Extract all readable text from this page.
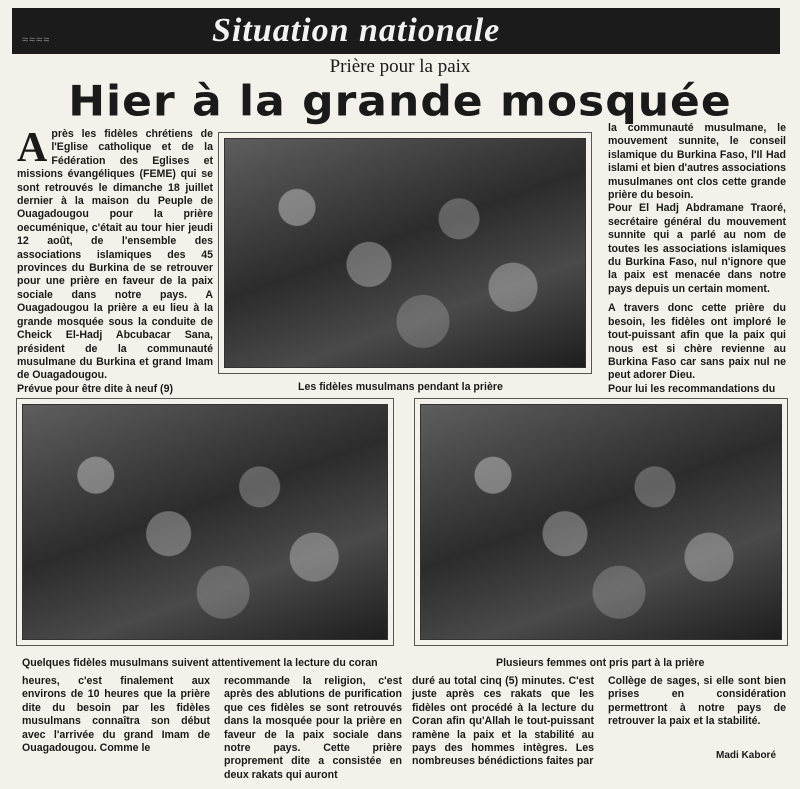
≈≈≈≈	Situation nationale
Prière pour la paix
Hier à la grande mosquée
A près les fidèles chrétiens de l'Eglise catholique et de la Fédération des Eglises et missions évangéliques (FEME) qui se sont retrouvés le dimanche 18 juillet dernier à la maison du Peuple de Ouagadougou pour la prière oecuménique, c'était au tour hier jeudi 12 août, de l'ensemble des associations islamiques des 45 provinces du Burkina de se retrouver pour une prière en faveur de la paix sociale dans notre pays. A Ouagadougou la prière a eu lieu à la grande mosquée sous la conduite de Cheick El-Hadj Abcubacar Sana, président de la communauté musulmane du Burkina et grand Imam de Ouagadougou.

Prévue pour être dite à neuf (9)	Les fidèles musulmans pendant la prière

la communauté musulmane, le mouvement sunnite, le conseil islamique du Burkina Faso, l'Il Had islami et bien d'autres associations musulmanes ont clos cette grande prière du besoin.

Pour El Hadj Abdramane Traoré, secrétaire général du mouvement sunnite qui a parlé au nom de toutes les associations islamiques du Burkina Faso, nul n'ignore que la paix est menacée dans notre pays depuis un certain moment.

A travers donc cette prière du besoin, les fidèles ont imploré le tout-puissant afin que la paix qui nous est si chère revienne au Burkina Faso car sans paix nul ne peut adorer Dieu.

Pour lui les recommandations du

Quelques fidèles musulmans suivent attentivement la lecture du coran	Plusieurs femmes ont pris part à la prière

heures, c'est finalement aux environs de 10 heures que la prière dite du besoin par les fidèles musulmans connaîtra son début avec l'arrivée du grand Imam de Ouagadougou. Comme le

recommande la religion, c'est après des ablutions de purification que ces fidèles se sont retrouvés dans la mosquée pour la prière en faveur de la paix sociale dans notre pays. Cette prière proprement dite a consistée en deux rakats qui auront

duré au total cinq (5) minutes. C'est juste après ces rakats que les fidèles ont procédé à la lecture du Coran afin qu'Allah le tout-puissant ramène la paix et la stabilité au pays des hommes intègres. Les nombreuses bénédictions faites par

Collège de sages, si elle sont bien prises en considération permettront à notre pays de retrouver la paix et la stabilité.

Madi Kaboré
